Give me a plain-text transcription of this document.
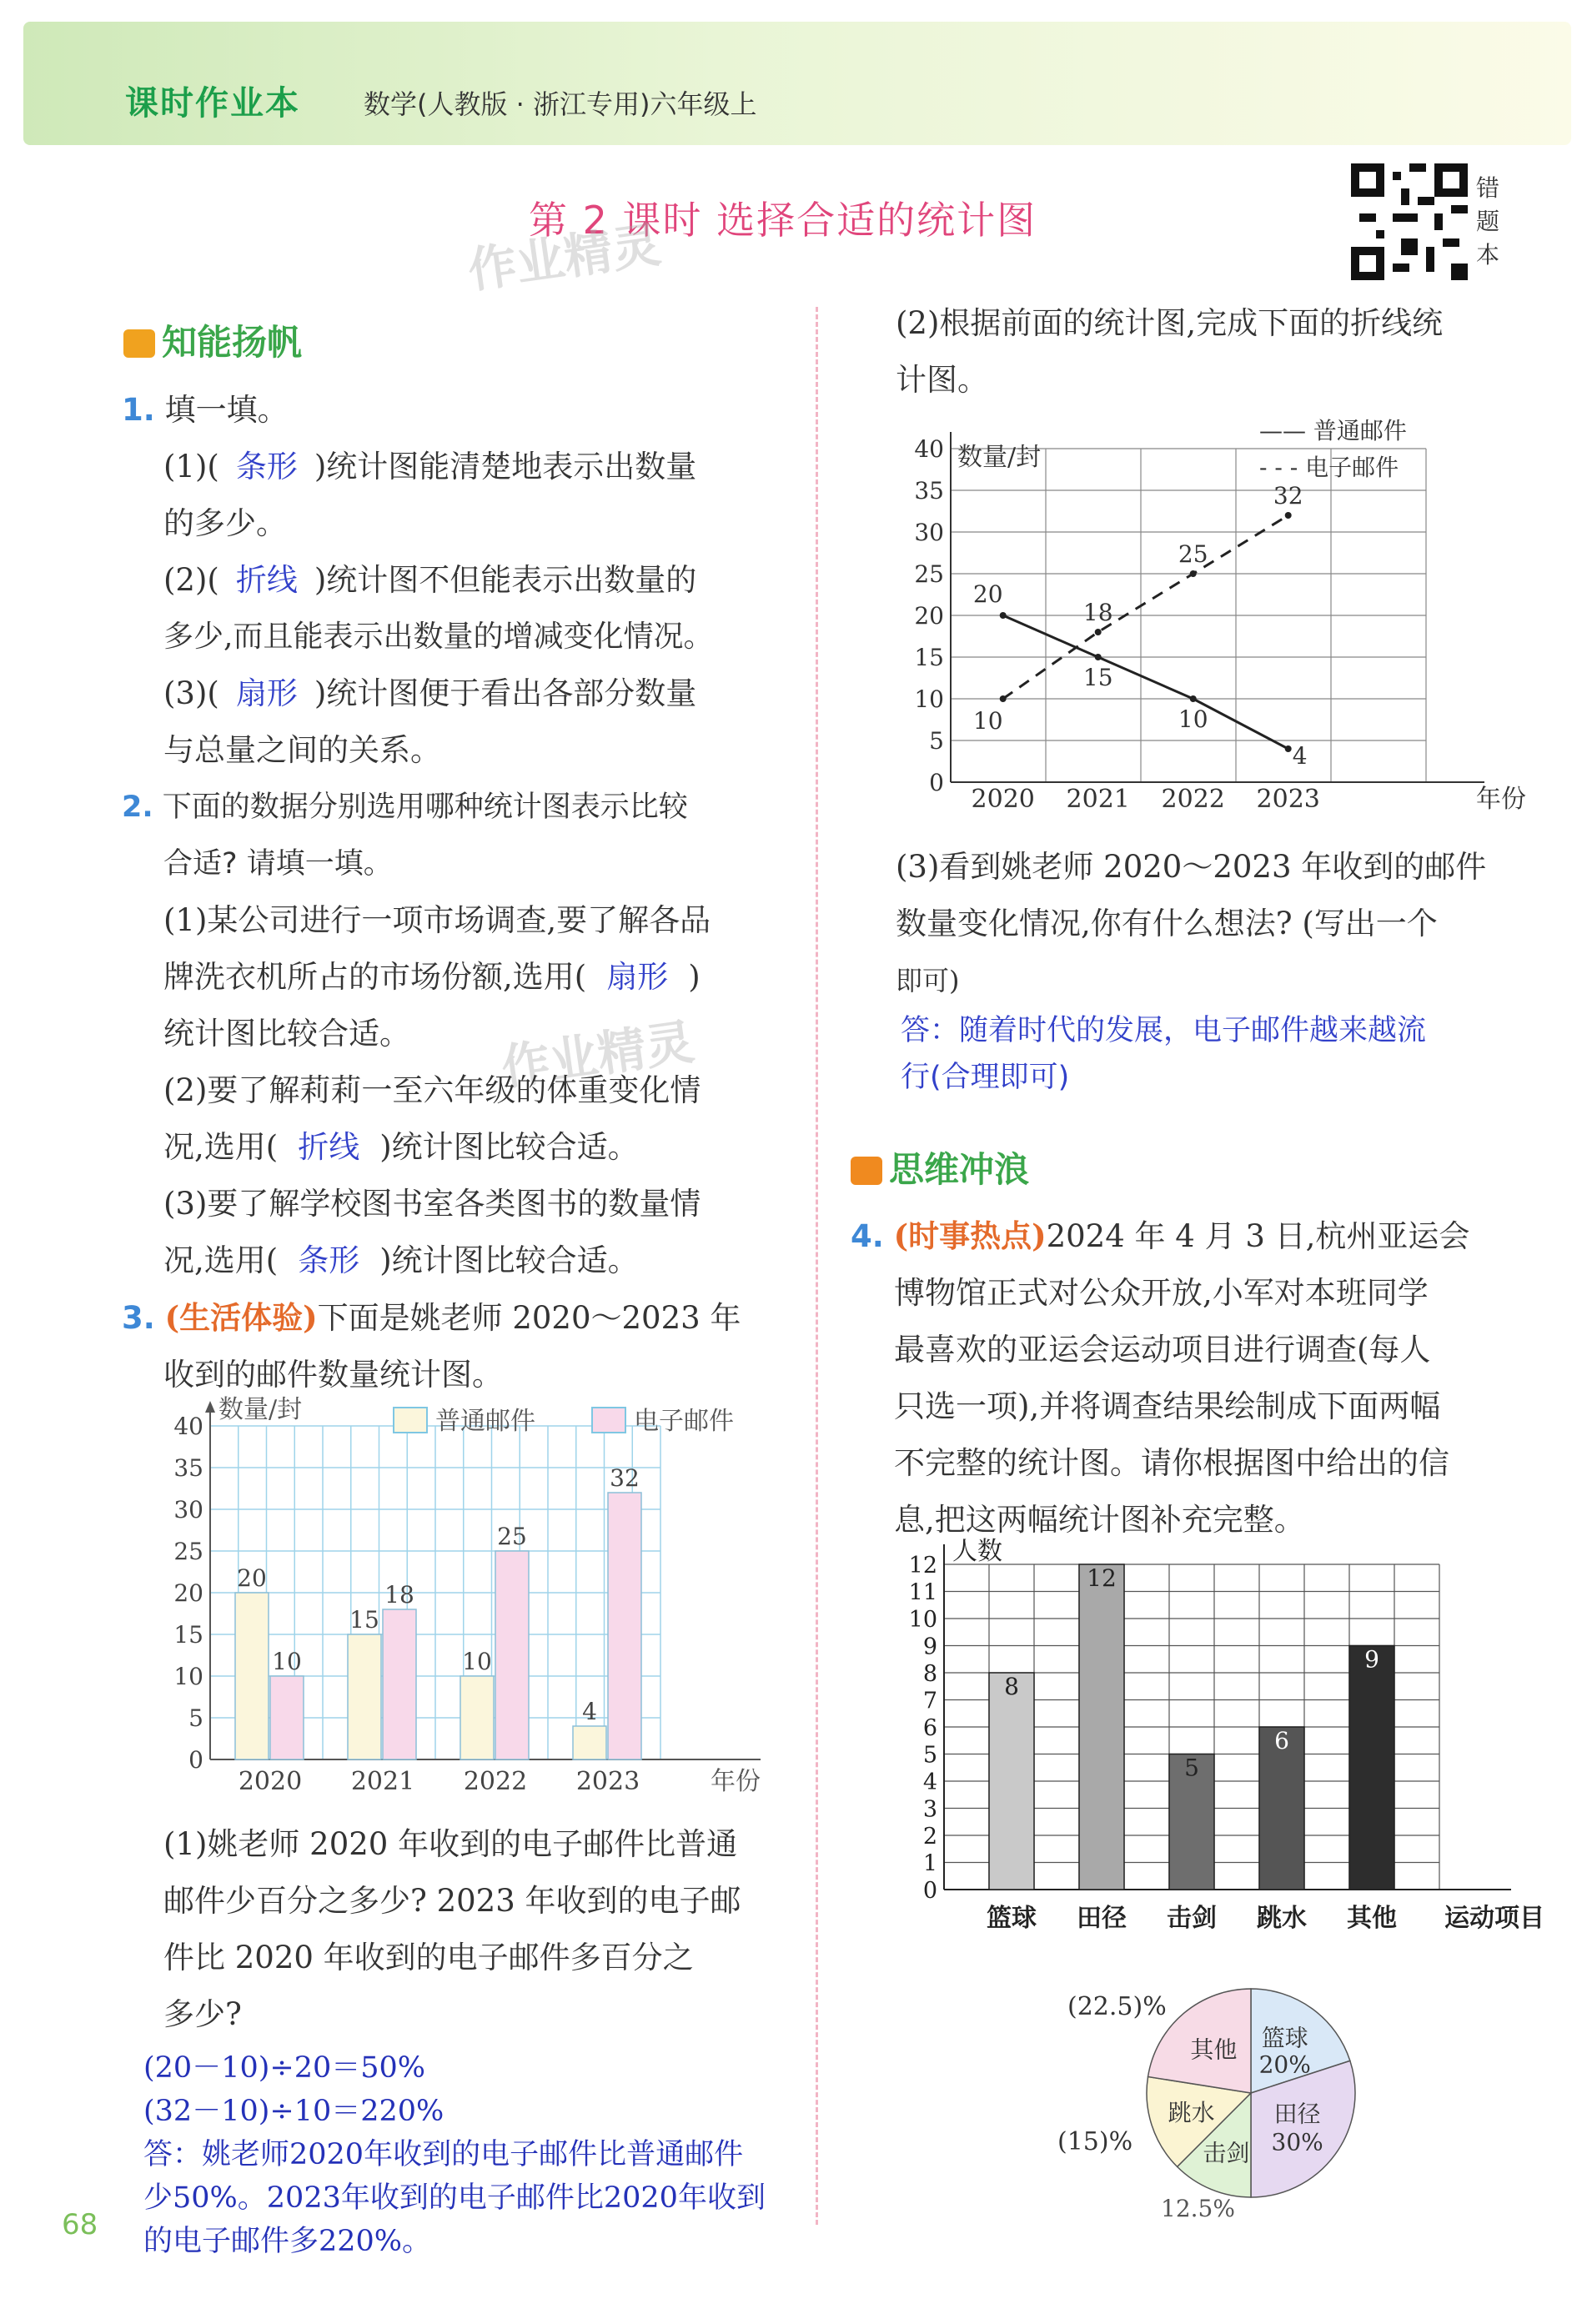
课时作业本 数学(人教版 · 浙江专用)六年级上
第 2 课时 选择合适的统计图
错题本
作业精灵
作业精灵
知能扬帆
1. 填一填。
(1)( 条形 )统计图能清楚地表示出数量
的多少。
(2)( 折线 )统计图不但能表示出数量的
多少,而且能表示出数量的增减变化情况。
(3)( 扇形 )统计图便于看出各部分数量
与总量之间的关系。
2. 下面的数据分别选用哪种统计图表示比较
合适? 请填一填。
(1)某公司进行一项市场调查,要了解各品
牌洗衣机所占的市场份额,选用( 扇形 )
统计图比较合适。
(2)要了解莉莉一至六年级的体重变化情
况,选用( 折线 )统计图比较合适。
(3)要了解学校图书室各类图书的数量情
况,选用( 条形 )统计图比较合适。
3. (生活体验)下面是姚老师 2020～2023 年
收到的邮件数量统计图。
0
5
10
15
20
25
30
35
40
数量/封
年份
普通邮件	电子邮件
20
10
2020
15
18
2021
10
25
2022
4
32
2023
(1)姚老师 2020 年收到的电子邮件比普通
邮件少百分之多少? 2023 年收到的电子邮
件比 2020 年收到的电子邮件多百分之
多少?
(20－10)÷20＝50%
(32－10)÷10＝220%
答：姚老师2020年收到的电子邮件比普通邮件
少50%。2023年收到的电子邮件比2020年收到
的电子邮件多220%。
(2)根据前面的统计图,完成下面的折线统
计图。
0
5
10
15
20
25
30
35
40 数量/封
年份
—— 普通邮件
- - - 电子邮件
2020 2021 2022 2023
20
15
10
4
10
18
25
32
(3)看到姚老师 2020～2023 年收到的邮件
数量变化情况,你有什么想法? (写出一个
即可)
答：随着时代的发展，电子邮件越来越流
行(合理即可)
思维冲浪
4. (时事热点)2024 年 4 月 3 日,杭州亚运会
博物馆正式对公众开放,小军对本班同学
最喜欢的亚运会运动项目进行调查(每人
只选一项),并将调查结果绘制成下面两幅
不完整的统计图。请你根据图中给出的信
息,把这两幅统计图补充完整。
0
1
2
3
4
5
6
7
8
9
10
11
12 人数
运动项目
8
篮球
12
田径
5
击剑
6
跳水
9
其他
篮球
20%
田径
30%
击剑
跳水
其他
(22.5)%
(15)%
12.5%
68
